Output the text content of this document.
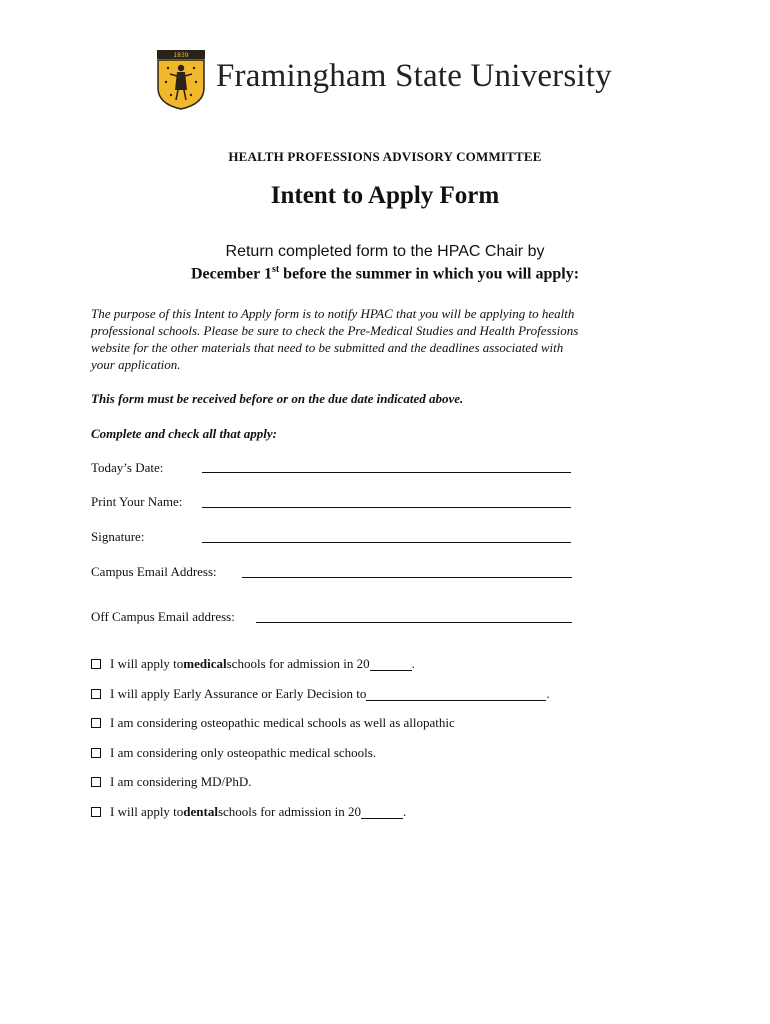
1839
Framingham State University
HEALTH PROFESSIONS ADVISORY COMMITTEE
Intent to Apply Form
Return completed form to the HPAC Chair by
December 1st before the summer in which you will apply:
The purpose of this Intent to Apply form is to notify HPAC that you will be applying to health
professional schools. Please be sure to check the Pre-Medical Studies and Health Professions
website for the other materials that need to be submitted and the deadlines associated with
your application.
This form must be received before or on the due date indicated above.
Complete and check all that apply:
Today’s Date:
Print Your Name:
Signature:
Campus Email Address:
Off Campus Email address:
I will apply to medical schools for admission in 20	.
I will apply Early Assurance or Early Decision to	.
I am considering osteopathic medical schools as well as allopathic
I am considering only osteopathic medical schools.
I am considering MD/PhD.
I will apply to dental schools for admission in 20	.
